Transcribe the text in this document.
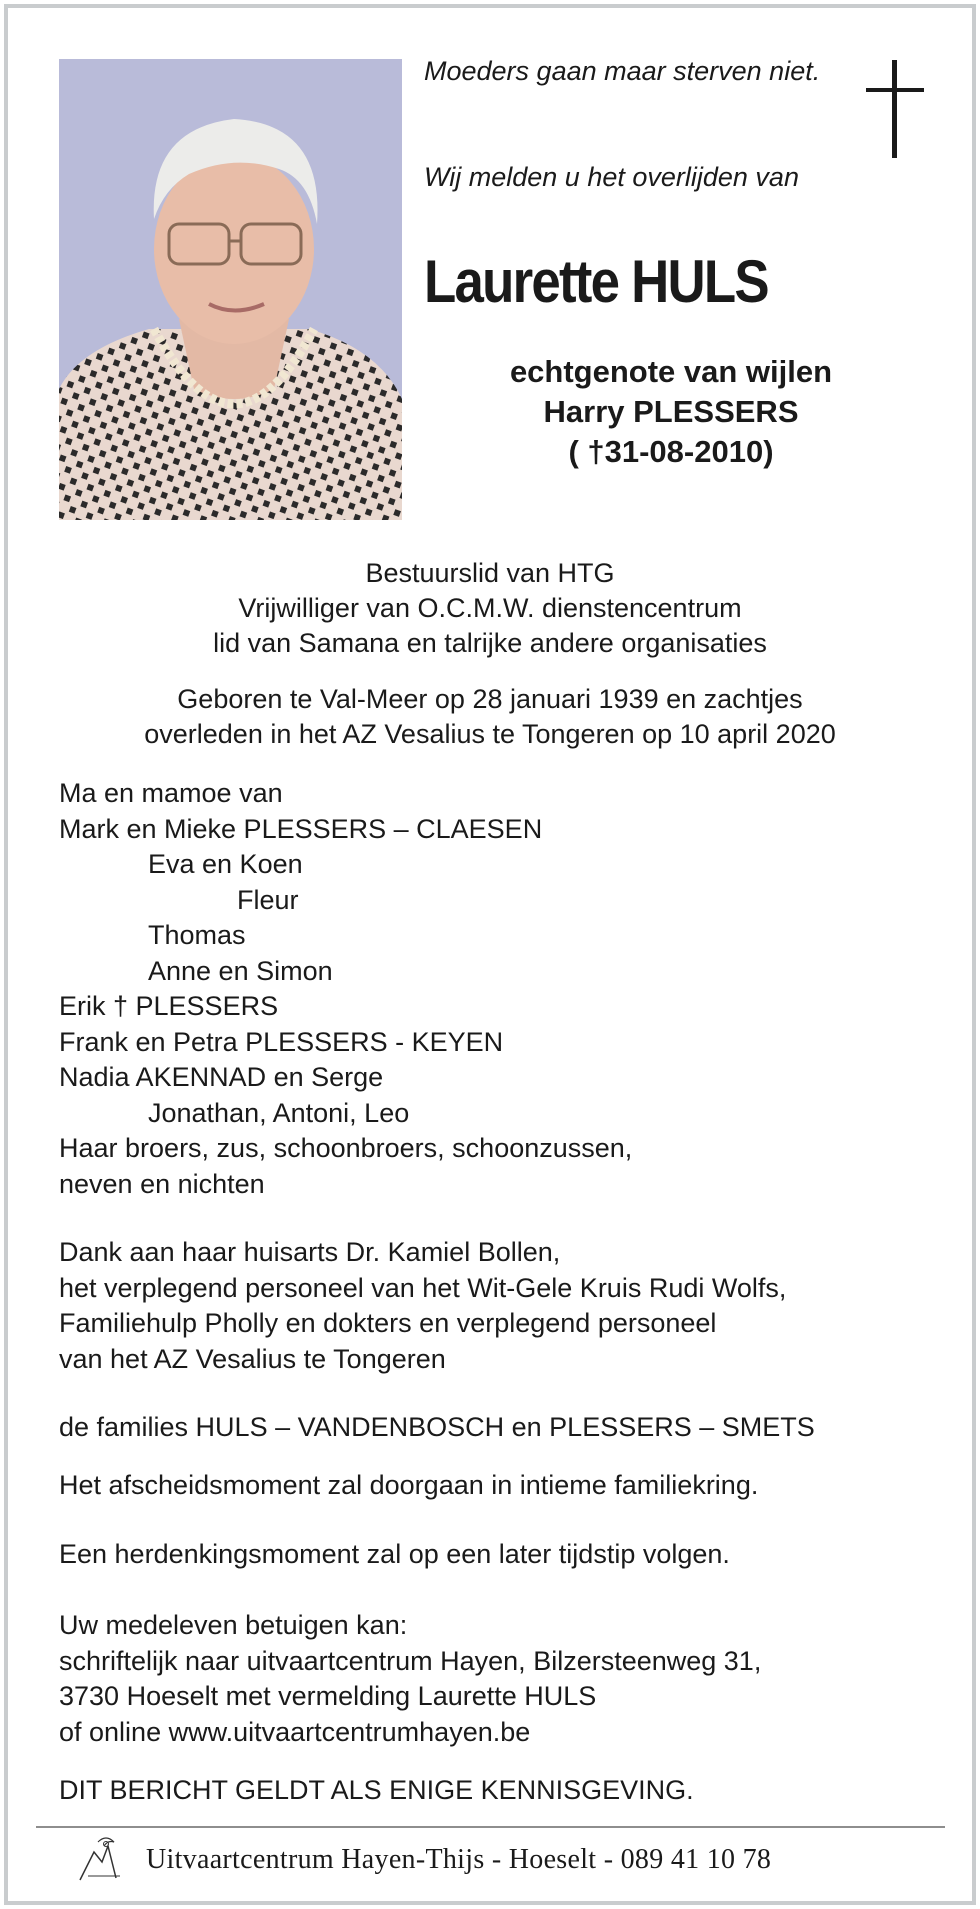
Moeders gaan maar sterven niet.
Wij melden u het overlijden van
Laurette HULS
echtgenote van wijlen
Harry PLESSERS
( †31-08-2010)
Bestuurslid van HTG
Vrijwilliger van O.C.M.W. dienstencentrum
lid van Samana en talrijke andere organisaties
Geboren te Val-Meer op 28 januari 1939 en zachtjes
overleden in het AZ Vesalius te Tongeren op 10 april 2020
Ma en mamoe van
Mark en Mieke PLESSERS – CLAESEN
Eva en Koen
Fleur
Thomas
Anne en Simon
Erik † PLESSERS
Frank en Petra PLESSERS - KEYEN
Nadia AKENNAD en Serge
Jonathan, Antoni, Leo
Haar broers, zus, schoonbroers, schoonzussen,
neven en nichten
Dank aan haar huisarts Dr. Kamiel Bollen,
het verplegend personeel van het Wit-Gele Kruis Rudi Wolfs,
Familiehulp Pholly en dokters en verplegend personeel
van het AZ Vesalius te Tongeren
de families HULS – VANDENBOSCH en PLESSERS – SMETS
Het afscheidsmoment zal doorgaan in intieme familiekring.
Een herdenkingsmoment zal op een later tijdstip volgen.
Uw medeleven betuigen kan:
schriftelijk naar uitvaartcentrum Hayen, Bilzersteenweg 31,
3730 Hoeselt met vermelding Laurette HULS
of online www.uitvaartcentrumhayen.be
DIT BERICHT GELDT ALS ENIGE KENNISGEVING.
Uitvaartcentrum Hayen-Thijs - Hoeselt - 089 41 10 78
